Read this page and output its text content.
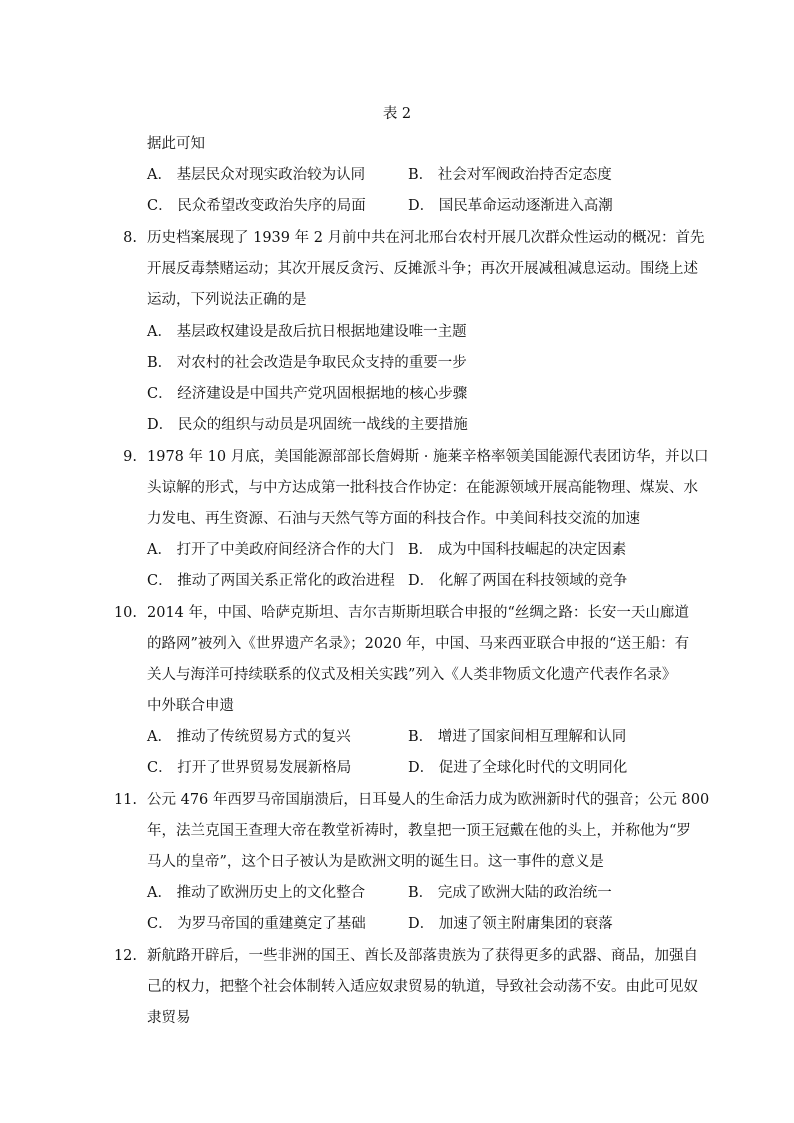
表 2
据此可知
A． 基层民众对现实政治较为认同	B． 社会对军阀政治持否定态度
C． 民众希望改变政治失序的局面	D． 国民革命运动逐渐进入高潮
8. 历史档案展现了 1939 年 2 月前中共在河北邢台农村开展几次群众性运动的概况：首先
开展反毒禁赌运动；其次开展反贪污、反摊派斗争；再次开展减租减息运动。围绕上述
运动，下列说法正确的是
A． 基层政权建设是敌后抗日根据地建设唯一主题
B． 对农村的社会改造是争取民众支持的重要一步
C． 经济建设是中国共产党巩固根据地的核心步骤
D． 民众的组织与动员是巩固统一战线的主要措施
9. 1978 年 10 月底，美国能源部部长詹姆斯 · 施莱辛格率领美国能源代表团访华，并以口
头谅解的形式，与中方达成第一批科技合作协定：在能源领域开展高能物理、煤炭、水
力发电、再生资源、石油与天然气等方面的科技合作。中美间科技交流的加速
A． 打开了中美政府间经济合作的大门 B． 成为中国科技崛起的决定因素
C． 推动了两国关系正常化的政治进程 D． 化解了两国在科技领域的竞争
10. 2014 年，中国、哈萨克斯坦、吉尔吉斯斯坦联合申报的“丝绸之路：长安一天山廊道
的路网”被列入《世界遗产名录》；2020 年，中国、马来西亚联合申报的“送王船：有
关人与海洋可持续联系的仪式及相关实践”列入《人类非物质文化遗产代表作名录》
中外联合申遗
A． 推动了传统贸易方式的复兴	B． 增进了国家间相互理解和认同
C． 打开了世界贸易发展新格局	D． 促进了全球化时代的文明同化
11. 公元 476 年西罗马帝国崩溃后，日耳曼人的生命活力成为欧洲新时代的强音；公元 800
年，法兰克国王查理大帝在教堂祈祷时，教皇把一顶王冠戴在他的头上，并称他为“罗
马人的皇帝”，这个日子被认为是欧洲文明的诞生日。这一事件的意义是
A． 推动了欧洲历史上的文化整合	B． 完成了欧洲大陆的政治统一
C． 为罗马帝国的重建奠定了基础	D． 加速了领主附庸集团的衰落
12. 新航路开辟后，一些非洲的国王、酋长及部落贵族为了获得更多的武器、商品，加强自
己的权力，把整个社会体制转入适应奴隶贸易的轨道，导致社会动荡不安。由此可见奴
隶贸易
